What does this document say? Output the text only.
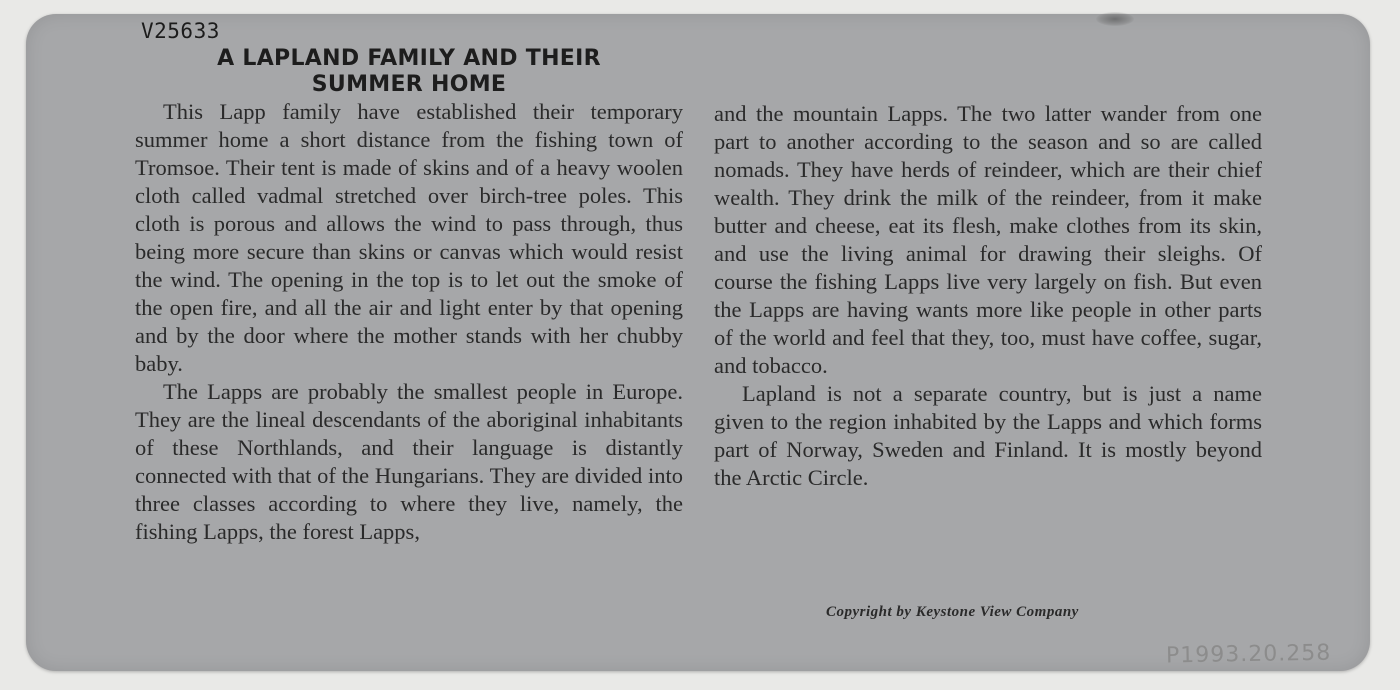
V25633
A LAPLAND FAMILY AND THEIR
SUMMER HOME

This Lapp family have established their temporary summer home a short distance from the fishing town of Tromsoe. Their tent is made of skins and of a heavy woolen cloth called vadmal stretched over birch-tree poles. This cloth is porous and allows the wind to pass through, thus being more secure than skins or canvas which would resist the wind. The opening in the top is to let out the smoke of the open fire, and all the air and light enter by that opening and by the door where the mother stands with her chubby baby.

The Lapps are probably the smallest people in Europe. They are the lineal descendants of the aboriginal inhabitants of these Northlands, and their language is distantly connected with that of the Hungarians. They are divided into three classes according to where they live, namely, the fishing Lapps, the forest Lapps,

and the mountain Lapps. The two latter wander from one part to another according to the season and so are called nomads. They have herds of reindeer, which are their chief wealth. They drink the milk of the reindeer, from it make butter and cheese, eat its flesh, make clothes from its skin, and use the living animal for drawing their sleighs. Of course the fishing Lapps live very largely on fish. But even the Lapps are having wants more like people in other parts of the world and feel that they, too, must have coffee, sugar, and tobacco.

Lapland is not a separate country, but is just a name given to the region inhabited by the Lapps and which forms part of Norway, Sweden and Finland. It is mostly beyond the Arctic Circle.

Copyright by Keystone View Company
P1993.20.258
